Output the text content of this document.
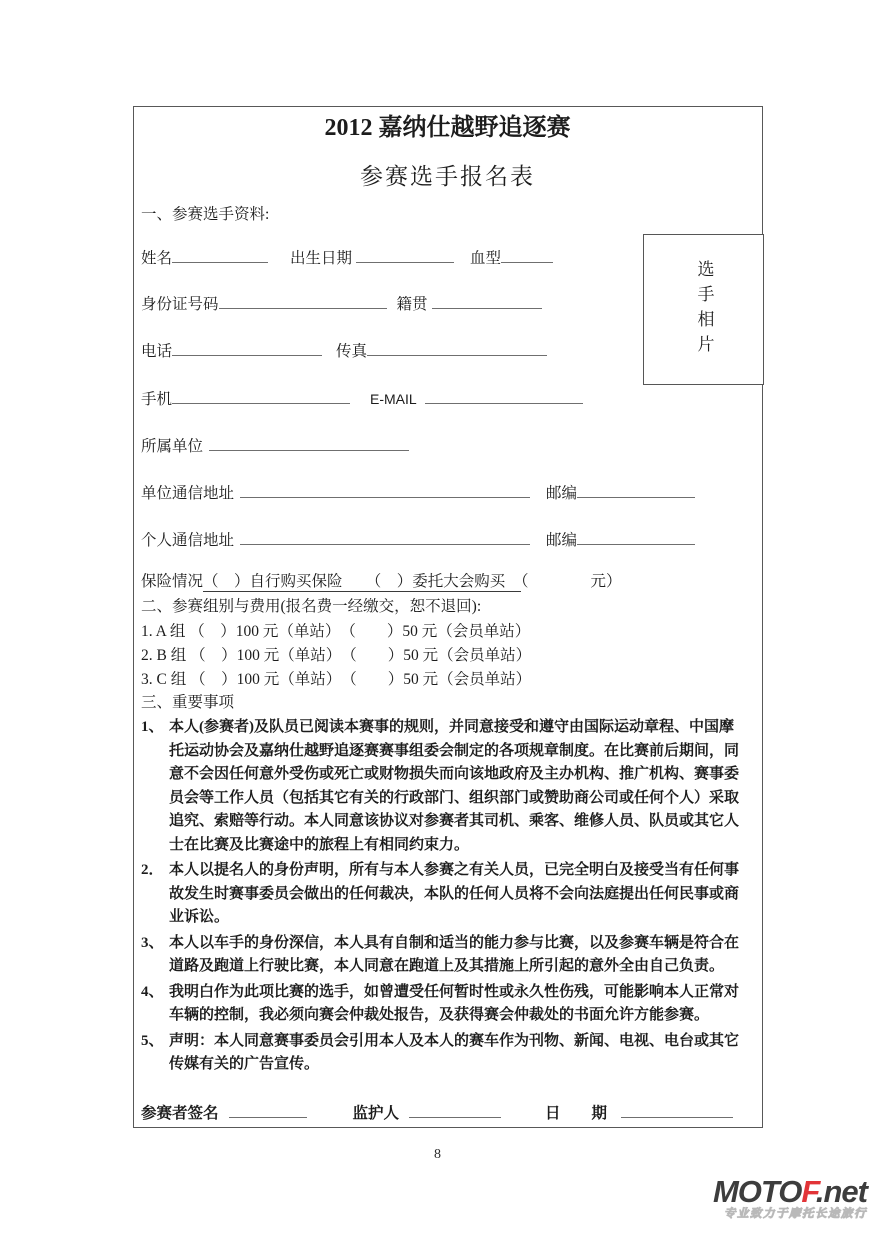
2012 嘉纳仕越野追逐赛
参赛选手报名表
一、参赛选手资料:
姓名	出生日期	血型
身份证号码	籍贯
电话	传真
手机	E-MAIL
所属单位
单位通信地址	邮编
个人通信地址	邮编
保险情况（　）自行购买保险　　（　）委托大会购买　（　　　　元）
二、参赛组别与费用(报名费一经缴交，恕不退回):
1. A 组 （　）100 元（单站）　（　　）50 元（会员单站）
2. B 组 （　）100 元（单站）　（　　）50 元（会员单站）
3. C 组 （　）100 元（单站）　（　　）50 元（会员单站）
三、重要事项
1、 本人(参赛者)及队员已阅读本赛事的规则，并同意接受和遵守由国际运动章程、中国摩
托运动协会及嘉纳仕越野追逐赛赛事组委会制定的各项规章制度。在比赛前后期间，同
意不会因任何意外受伤或死亡或财物损失而向该地政府及主办机构、推广机构、赛事委
员会等工作人员（包括其它有关的行政部门、组织部门或赞助商公司或任何个人）采取
追究、索赔等行动。本人同意该协议对参赛者其司机、乘客、维修人员、队员或其它人
士在比赛及比赛途中的旅程上有相同约束力。
2． 本人以提名人的身份声明，所有与本人参赛之有关人员，已完全明白及接受当有任何事
故发生时赛事委员会做出的任何裁决，本队的任何人员将不会向法庭提出任何民事或商
业诉讼。
3、 本人以车手的身份深信，本人具有自制和适当的能力参与比赛，以及参赛车辆是符合在
道路及跑道上行驶比赛，本人同意在跑道上及其措施上所引起的意外全由自己负责。
4、 我明白作为此项比赛的选手，如曾遭受任何暂时性或永久性伤残，可能影响本人正常对
车辆的控制，我必须向赛会仲裁处报告，及获得赛会仲裁处的书面允许方能参赛。
5、 声明：本人同意赛事委员会引用本人及本人的赛车作为刊物、新闻、电视、电台或其它
传媒有关的广告宣传。
参赛者签名	监护人	日　　期
选手相片
8
MOTOF.net
专业致力于摩托长途旅行
